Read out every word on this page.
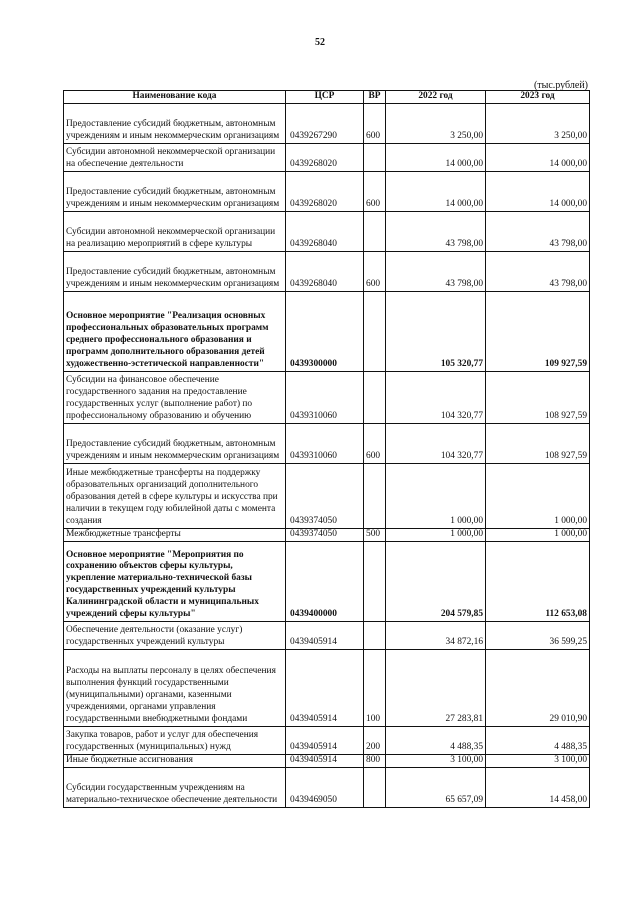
52
(тыс.рублей)
Наименование кода	ЦСР	ВР	2022 год	2023 год
Предоставление субсидий бюджетным, автономным учреждениям и иным некоммерческим организациям	0439267290	600	3 250,00	3 250,00
Субсидии автономной некоммерческой организации на обеспечение деятельности	0439268020		14 000,00	14 000,00
Предоставление субсидий бюджетным, автономным учреждениям и иным некоммерческим организациям	0439268020	600	14 000,00	14 000,00
Субсидии автономной некоммерческой организации на реализацию мероприятий в сфере культуры	0439268040		43 798,00	43 798,00
Предоставление субсидий бюджетным, автономным учреждениям и иным некоммерческим организациям	0439268040	600	43 798,00	43 798,00
Основное мероприятие "Реализация основных профессиональных образовательных программ среднего профессионального образования и программ дополнительного образования детей художественно-эстетической направленности"	0439300000		105 320,77	109 927,59
Субсидии на финансовое обеспечение государственного задания на предоставление государственных услуг (выполнение работ) по профессиональному образованию и обучению	0439310060		104 320,77	108 927,59
Предоставление субсидий бюджетным, автономным учреждениям и иным некоммерческим организациям	0439310060	600	104 320,77	108 927,59
Иные межбюджетные трансферты на поддержку образовательных организаций дополнительного образования детей в сфере культуры и искусства при наличии в текущем году юбилейной даты с момента создания	0439374050		1 000,00	1 000,00
Межбюджетные трансферты	0439374050	500	1 000,00	1 000,00
Основное мероприятие "Мероприятия по сохранению объектов сферы культуры, укрепление материально-технической базы государственных учреждений культуры Калининградской области и муниципальных учреждений сферы культуры"	0439400000		204 579,85	112 653,08
Обеспечение деятельности (оказание услуг) государственных учреждений культуры	0439405914		34 872,16	36 599,25
Расходы на выплаты персоналу в целях обеспечения выполнения функций государственными (муниципальными) органами, казенными учреждениями, органами управления государственными внебюджетными фондами	0439405914	100	27 283,81	29 010,90
Закупка товаров, работ и услуг для обеспечения государственных (муниципальных) нужд	0439405914	200	4 488,35	4 488,35
Иные бюджетные ассигнования	0439405914	800	3 100,00	3 100,00
Субсидии государственным учреждениям на материально-техническое обеспечение деятельности	0439469050		65 657,09	14 458,00
